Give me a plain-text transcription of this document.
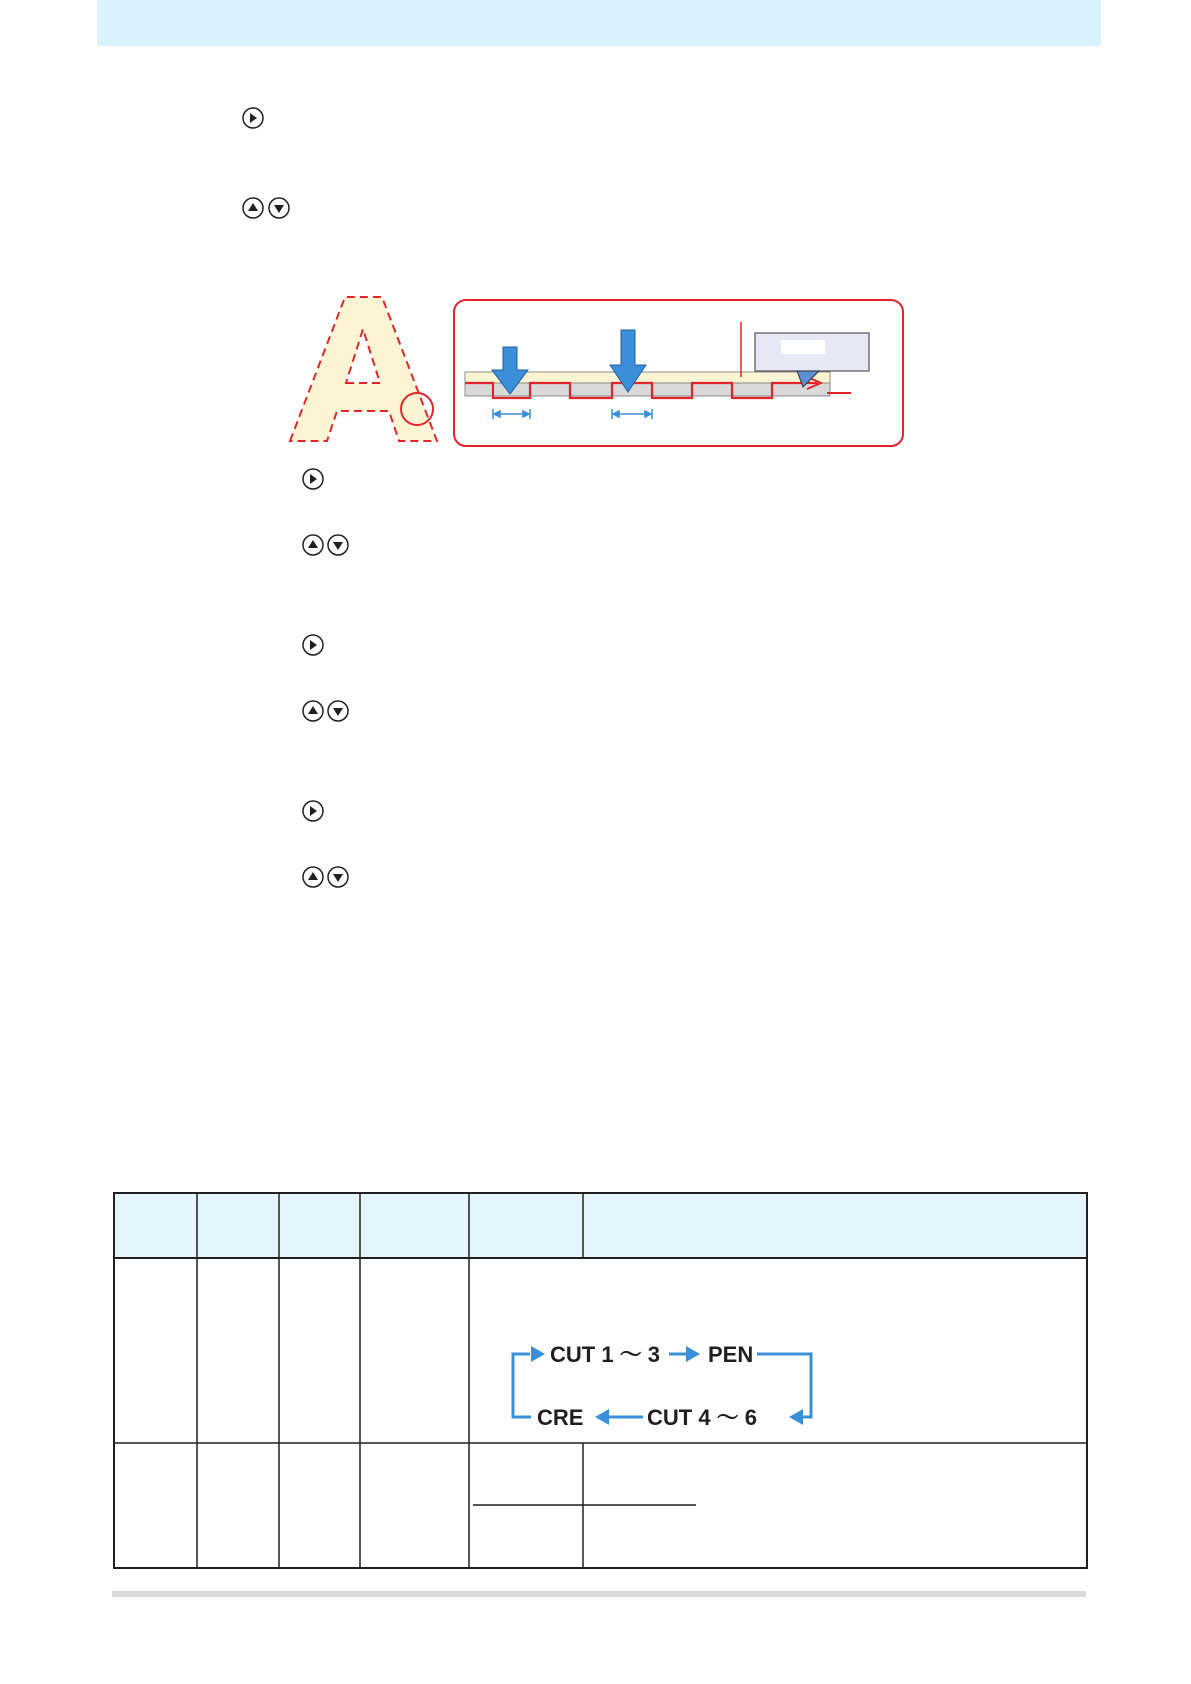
CUT 1 ～ 3 PEN
CUT 4 ～ 6
CRE
